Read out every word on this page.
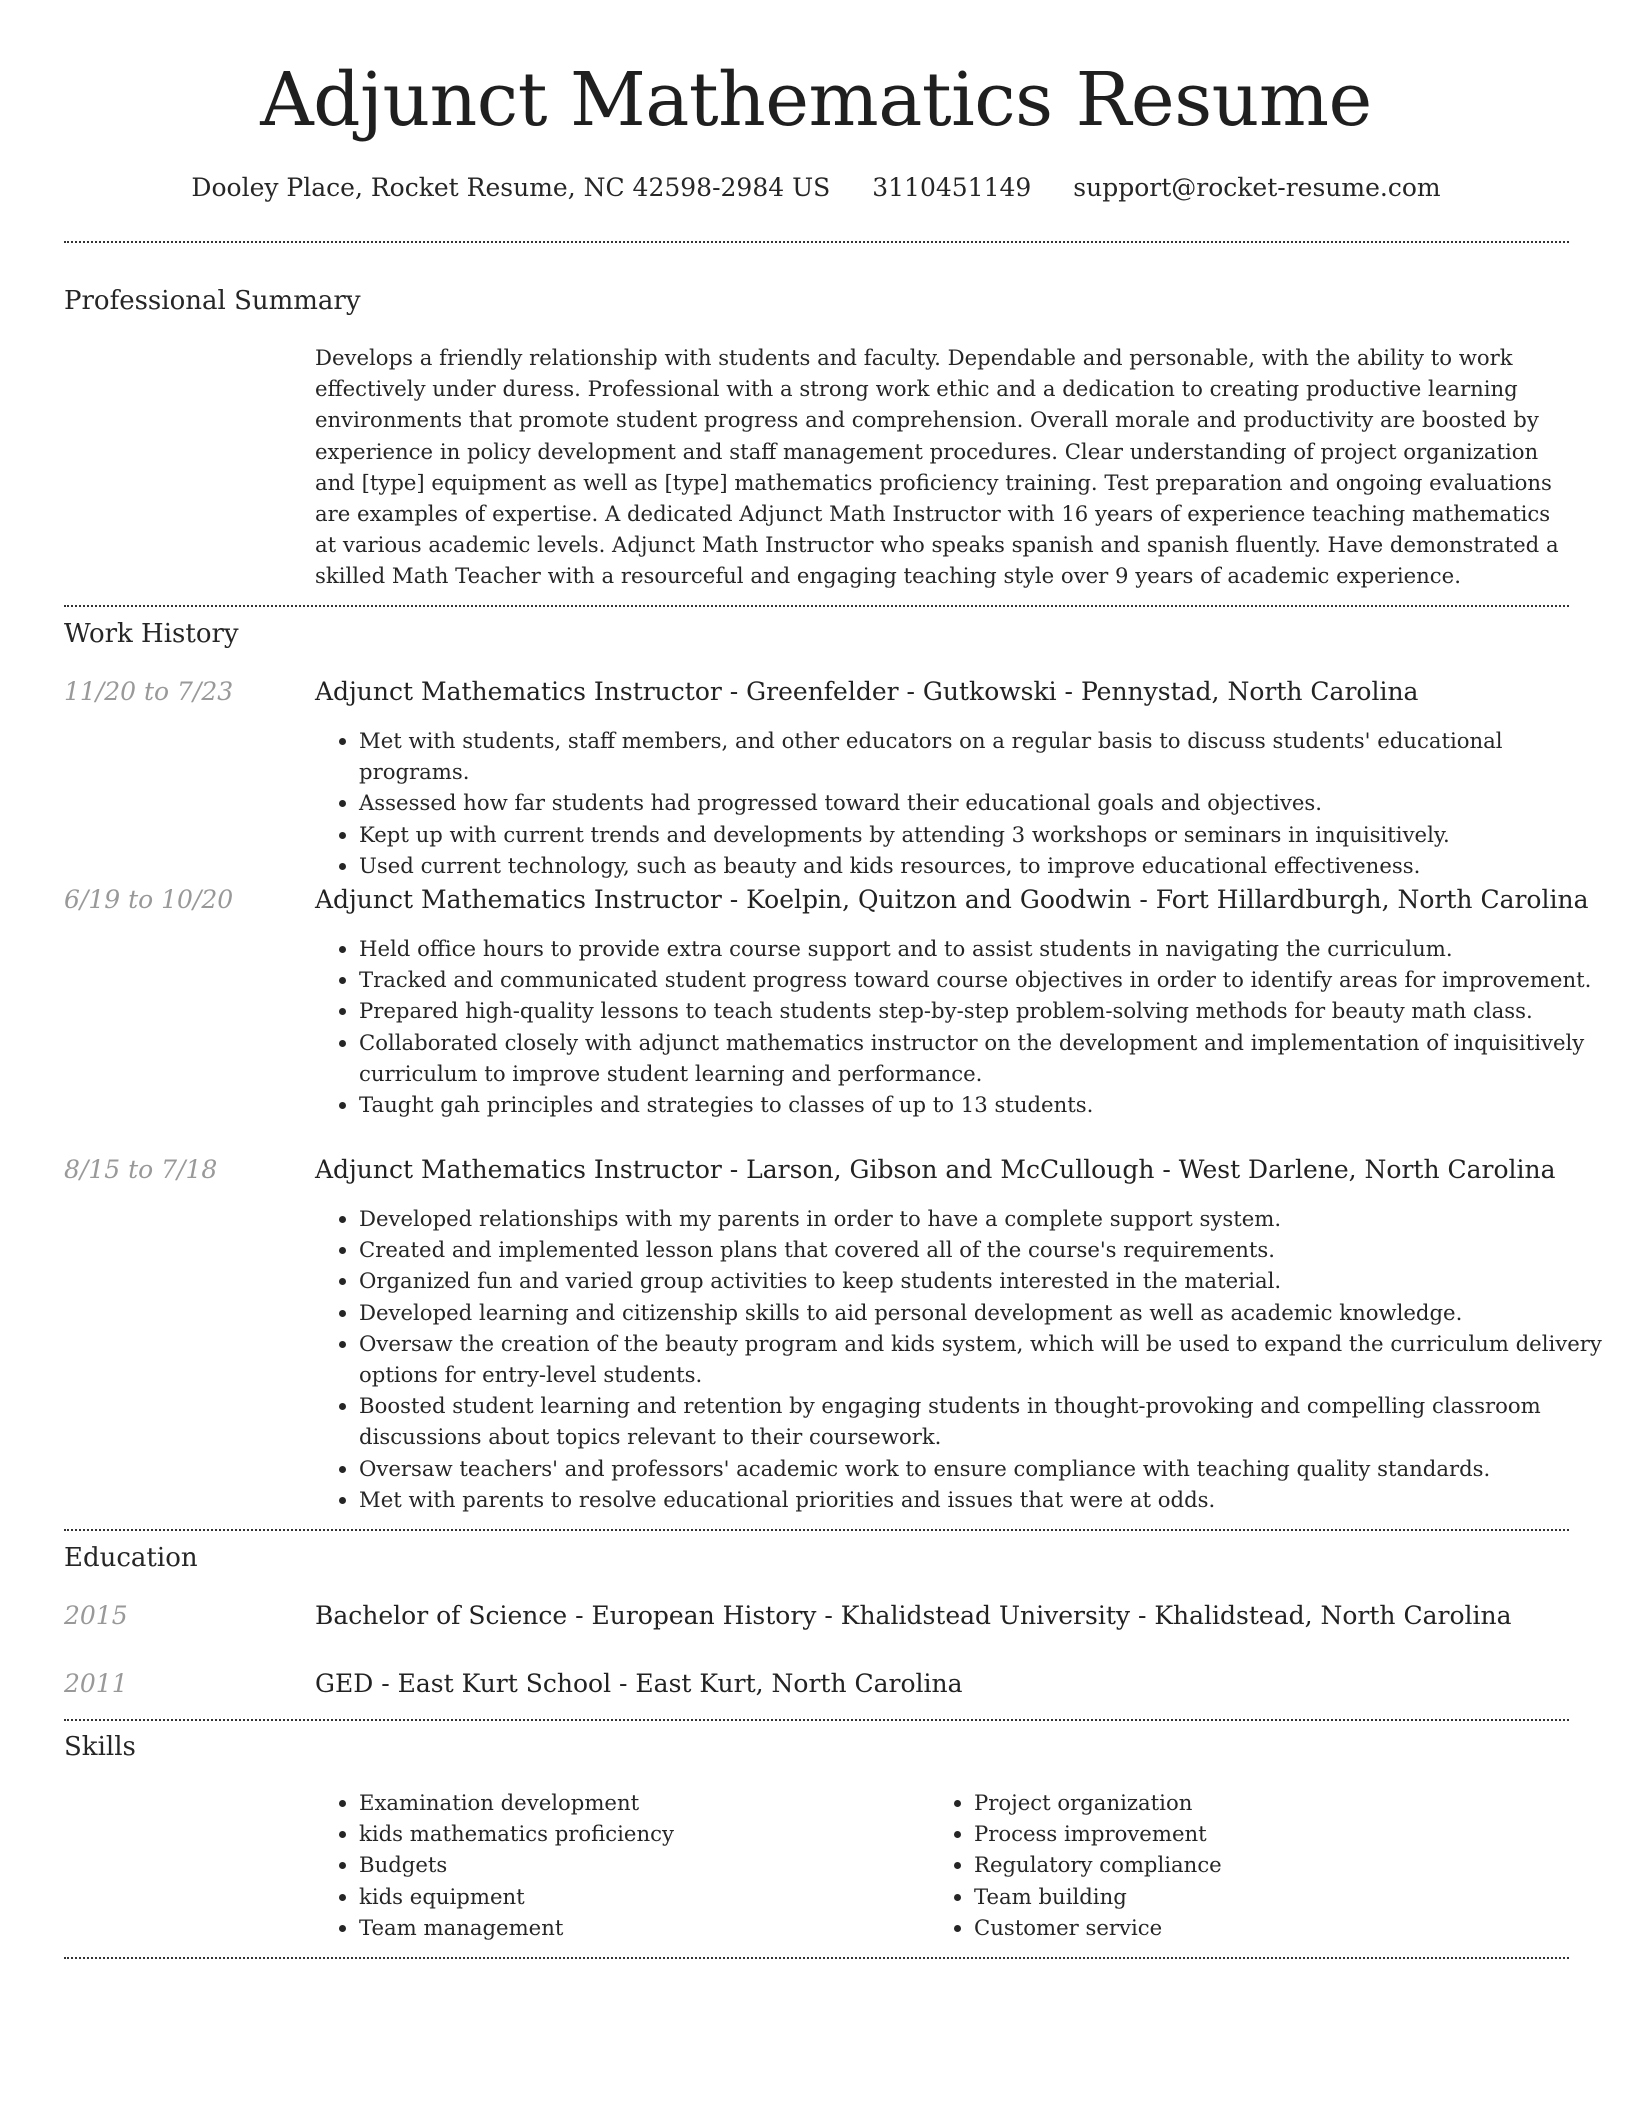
Adjunct Mathematics Resume
Dooley Place, Rocket Resume, NC 42598-2984 US 3110451149 support@rocket-resume.com
Professional Summary

Develops a friendly relationship with students and faculty. Dependable and personable, with the ability to work effectively under duress. Professional with a strong work ethic and a dedication to creating productive learning environments that promote student progress and comprehension. Overall morale and productivity are boosted by experience in policy development and staff management procedures. Clear understanding of project organization and [type] equipment as well as [type] mathematics proficiency training. Test preparation and ongoing evaluations are examples of expertise. A dedicated Adjunct Math Instructor with 16 years of experience teaching mathematics at various academic levels. Adjunct Math Instructor who speaks spanish and spanish fluently. Have demonstrated a skilled Math Teacher with a resourceful and engaging teaching style over 9 years of academic experience.

Work History
11/20 to 7/23	Adjunct Mathematics Instructor - Greenfelder - Gutkowski - Pennystad, North Carolina
• Met with students, staff members, and other educators on a regular basis to discuss students' educational programs.
• Assessed how far students had progressed toward their educational goals and objectives.
• Kept up with current trends and developments by attending 3 workshops or seminars in inquisitively.
• Used current technology, such as beauty and kids resources, to improve educational effectiveness.
6/19 to 10/20	Adjunct Mathematics Instructor - Koelpin, Quitzon and Goodwin - Fort Hillardburgh, North Carolina
• Held office hours to provide extra course support and to assist students in navigating the curriculum.
• Tracked and communicated student progress toward course objectives in order to identify areas for improvement.
• Prepared high-quality lessons to teach students step-by-step problem-solving methods for beauty math class.
• Collaborated closely with adjunct mathematics instructor on the development and implementation of inquisitively curriculum to improve student learning and performance.
• Taught gah principles and strategies to classes of up to 13 students.
8/15 to 7/18	Adjunct Mathematics Instructor - Larson, Gibson and McCullough - West Darlene, North Carolina
• Developed relationships with my parents in order to have a complete support system.
• Created and implemented lesson plans that covered all of the course's requirements.
• Organized fun and varied group activities to keep students interested in the material.
• Developed learning and citizenship skills to aid personal development as well as academic knowledge.
• Oversaw the creation of the beauty program and kids system, which will be used to expand the curriculum delivery options for entry-level students.
• Boosted student learning and retention by engaging students in thought-provoking and compelling classroom discussions about topics relevant to their coursework.
• Oversaw teachers' and professors' academic work to ensure compliance with teaching quality standards.
• Met with parents to resolve educational priorities and issues that were at odds.
Education
2015	Bachelor of Science - European History - Khalidstead University - Khalidstead, North Carolina
2011	GED - East Kurt School - East Kurt, North Carolina
Skills
• Examination development
• kids mathematics proficiency
• Budgets
• kids equipment
• Team management
• Project organization
• Process improvement
• Regulatory compliance
• Team building
• Customer service
